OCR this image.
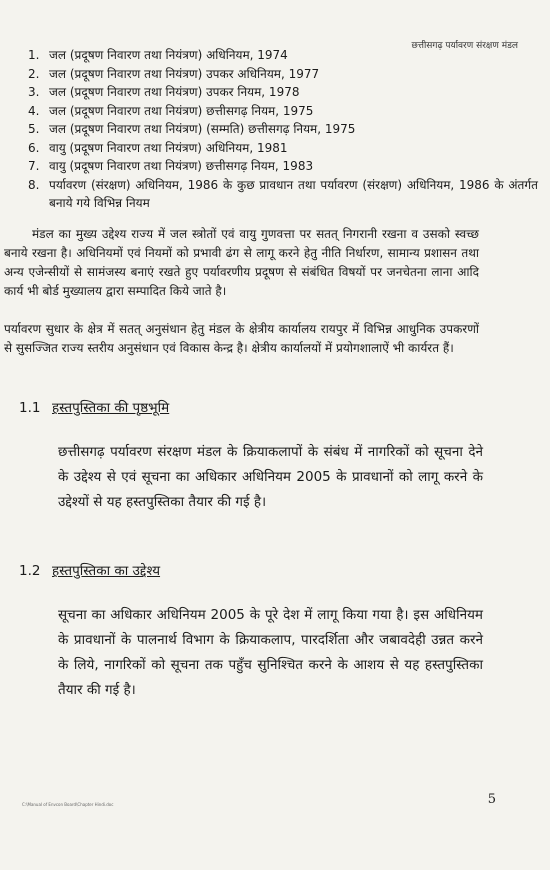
छत्तीसगढ़ पर्यावरण संरक्षण मंडल
1. जल (प्रदूषण निवारण तथा नियंत्रण) अधिनियम, 1974
2. जल (प्रदूषण निवारण तथा नियंत्रण) उपकर अधिनियम, 1977
3. जल (प्रदूषण निवारण तथा नियंत्रण) उपकर नियम, 1978
4. जल (प्रदूषण निवारण तथा नियंत्रण) छत्तीसगढ़ नियम, 1975
5. जल (प्रदूषण निवारण तथा नियंत्रण) (सम्मति) छत्तीसगढ़ नियम, 1975
6. वायु (प्रदूषण निवारण तथा नियंत्रण) अधिनियम, 1981
7. वायु (प्रदूषण निवारण तथा नियंत्रण) छत्तीसगढ़ नियम, 1983
8. पर्यावरण (संरक्षण) अधिनियम, 1986 के कुछ प्रावधान तथा पर्यावरण (संरक्षण) अधिनियम, 1986 के अंतर्गत बनाये गये विभिन्न नियम

मंडल का मुख्य उद्देश्य राज्य में जल स्त्रोतों एवं वायु गुणवत्ता पर सतत् निगरानी रखना व उसको स्वच्छ बनाये रखना है। अधिनियमों एवं नियमों को प्रभावी ढंग से लागू करने हेतु नीति निर्धारण, सामान्य प्रशासन तथा अन्य एजेन्सीयों से सामंजस्य बनाएं रखते हुए पर्यावरणीय प्रदूषण से संबंधित विषयों पर जनचेतना लाना आदि कार्य भी बोर्ड मुख्यालय द्वारा सम्पादित किये जाते है।

पर्यावरण सुधार के क्षेत्र में सतत् अनुसंधान हेतु मंडल के क्षेत्रीय कार्यालय रायपुर में विभिन्न आधुनिक उपकरणों से सुसज्जित राज्य स्तरीय अनुसंधान एवं विकास केन्द्र है। क्षेत्रीय कार्यालयों में प्रयोगशालाऐं भी कार्यरत हैं।

1.1 हस्तपुस्तिका की पृष्ठभूमि

छत्तीसगढ़ पर्यावरण संरक्षण मंडल के क्रियाकलापों के संबंध में नागरिकों को सूचना देने के उद्देश्य से एवं सूचना का अधिकार अधिनियम 2005 के प्रावधानों को लागू करने के उद्देश्यों से यह हस्तपुस्तिका तैयार की गई है।

1.2 हस्तपुस्तिका का उद्देश्य

सूचना का अधिकार अधिनियम 2005 के पूरे देश में लागू किया गया है। इस अधिनियम के प्रावधानों के पालनार्थ विभाग के क्रियाकलाप, पारदर्शिता और जबावदेही उन्नत करने के लिये, नागरिकों को सूचना तक पहुँच सुनिश्चित करने के आशय से यह हस्तपुस्तिका तैयार की गई है।

5
C:\Manual of Envcon Board\Chapter Hindi.doc
